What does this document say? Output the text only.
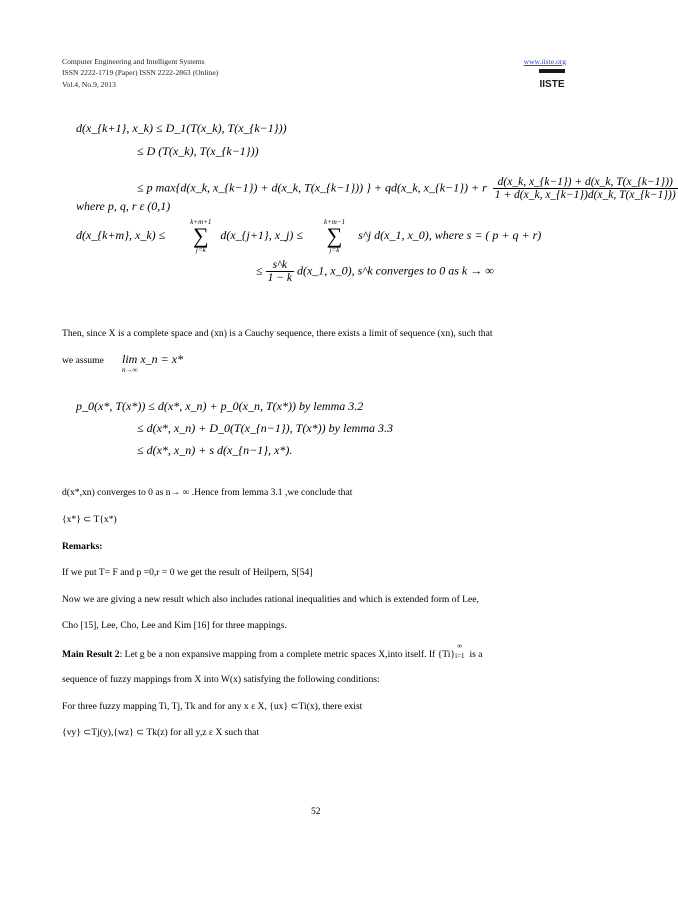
Computer Engineering and Intelligent Systems
ISSN 2222-1719 (Paper) ISSN 2222-2863 (Online)
Vol.4, No.9, 2013
www.iiste.org
IISTE
d(x_{k+1}, x_k) ≤ D_1(T(x_k), T(x_{k−1}))
≤ D (T(x_k), T(x_{k−1}))
≤ p max{d(x_k, x_{k−1}) + d(x_k, T(x_{k−1})) } + qd(x_k, x_{k−1}) + r $\frac{d(x\_k, x\_\{k-1\}) + d(x\_k, T(x\_\{k-1\}))}{1 + d(x\_k, x\_\{k-1\})d(x\_k, T(x\_\{k-1\}))}$
where p, q, r ε (0,1)
d(x_{k+m}, x_k) ≤
k+m+1
∑
j=k
d(x_{j+1}, x_j) ≤
k+m−1
∑
j=k
s^j d(x_1, x_0), where s = ( p + q + r)
≤ $\frac{s\^{}k}{1 - k}$ d(x_1, x_0), s^k converges to 0 as k → ∞
Then, since X is a complete space and (xn) is a Cauchy sequence, there exists a limit of sequence (xn), such that
we assume lim x_n = x*
n→∞
p_0(x*, T(x*)) ≤ d(x*, x_n) + p_0(x_n, T(x*)) by lemma 3.2
≤ d(x*, x_n) + D_0(T(x_{n−1}), T(x*)) by lemma 3.3
≤ d(x*, x_n) + s d(x_{n−1}, x*).
d(x*,xn) converges to 0 as n→ ∞ .Hence from lemma 3.1 ,we conclude that
{x*} ⊂ T{x*)
Remarks:
If we put T= F and p =0,r = 0 we get the result of Heilpern, S[54]
Now we are giving a new result which also includes rational inequalities and which is extended form of Lee,
Cho [15], Lee, Cho, Lee and Kim [16] for three mappings.
Main Result 2: Let g be a non expansive mapping from a complete metric spaces X,into itself. If {Ti}
∞
i=1 is a
sequence of fuzzy mappings from X into W(x) satisfying the following conditions:
For three fuzzy mapping Ti, Tj, Tk and for any x ε X, {ux} ⊂Ti(x), there exist
{vy} ⊂Tj(y),{wz} ⊂ Tk(z) for all y,z ε X such that
52
